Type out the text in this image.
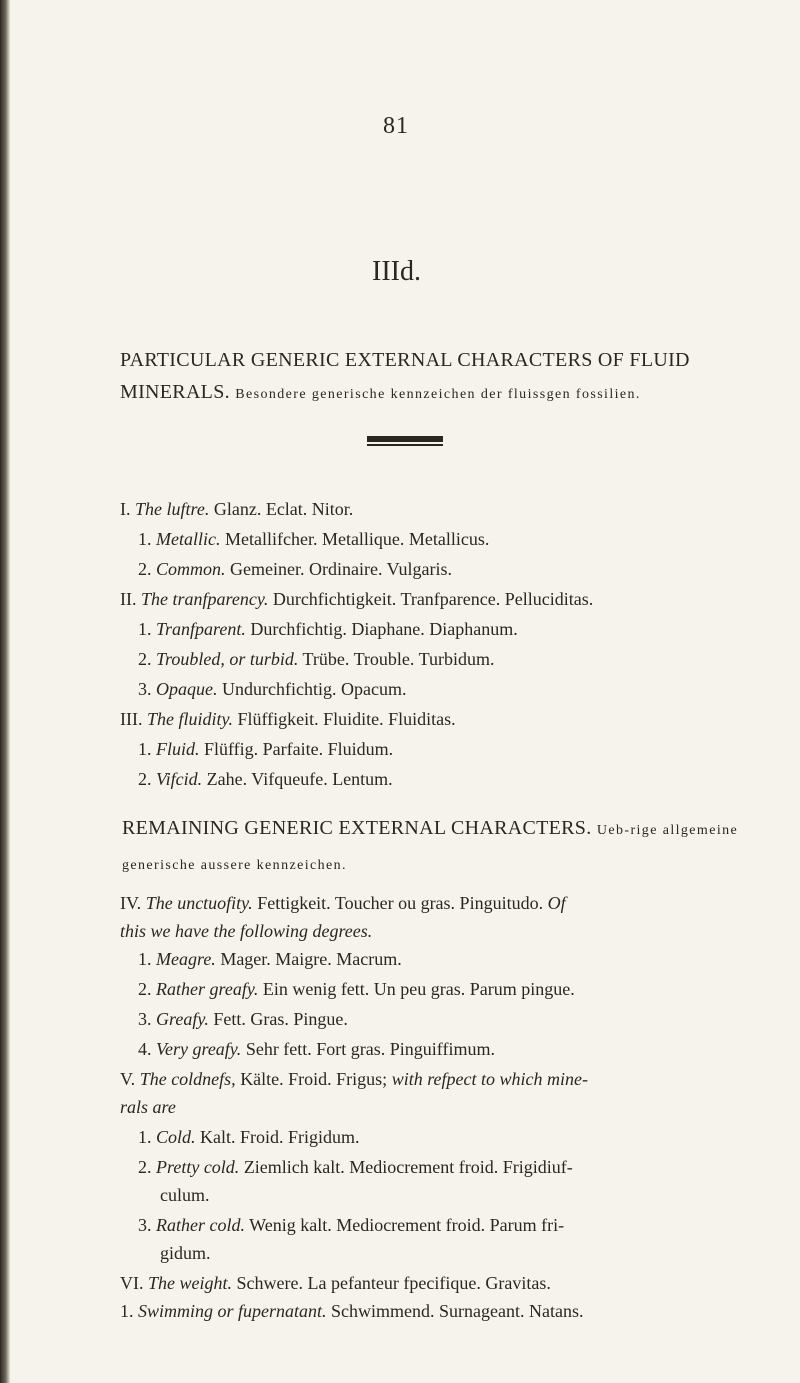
81
IIId.
PARTICULAR GENERIC EXTERNAL CHARACTERS OF FLUID MINERALS. Besondere generische kennzeichen der fluissgen fossilien.
I. The luftre. Glanz. Eclat. Nitor.
1. Metallic. Metallifcher. Metallique. Metallicus.
2. Common. Gemeiner. Ordinaire. Vulgaris.
II. The tranfparency. Durchfichtigkeit. Tranfparence. Pelluciditas.
1. Tranfparent. Durchfichtig. Diaphane. Diaphanum.
2. Troubled, or turbid. Trübe. Trouble. Turbidum.
3. Opaque. Undurchfichtig. Opacum.
III. The fluidity. Flüffigkeit. Fluidite. Fluiditas.
1. Fluid. Flüffig. Parfaite. Fluidum.
2. Vifcid. Zahe. Vifqueufe. Lentum.
REMAINING GENERIC EXTERNAL CHARACTERS. Ueb-rige allgemeine generische aussere kennzeichen.
IV. The unctuofity. Fettigkeit. Toucher ou gras. Pinguitudo. Of
this we have the following degrees.
1. Meagre. Mager. Maigre. Macrum.
2. Rather greafy. Ein wenig fett. Un peu gras. Parum pingue.
3. Greafy. Fett. Gras. Pingue.
4. Very greafy. Sehr fett. Fort gras. Pinguiffimum.
V. The coldnefs, Kälte. Froid. Frigus; with refpect to which mine-
rals are
1. Cold. Kalt. Froid. Frigidum.
2. Pretty cold. Ziemlich kalt. Mediocrement froid. Frigidiuf-
culum.
3. Rather cold. Wenig kalt. Mediocrement froid. Parum fri-
gidum.
VI. The weight. Schwere. La pefanteur fpecifique. Gravitas.
1. Swimming or fupernatant. Schwimmend. Surnageant. Natans.
